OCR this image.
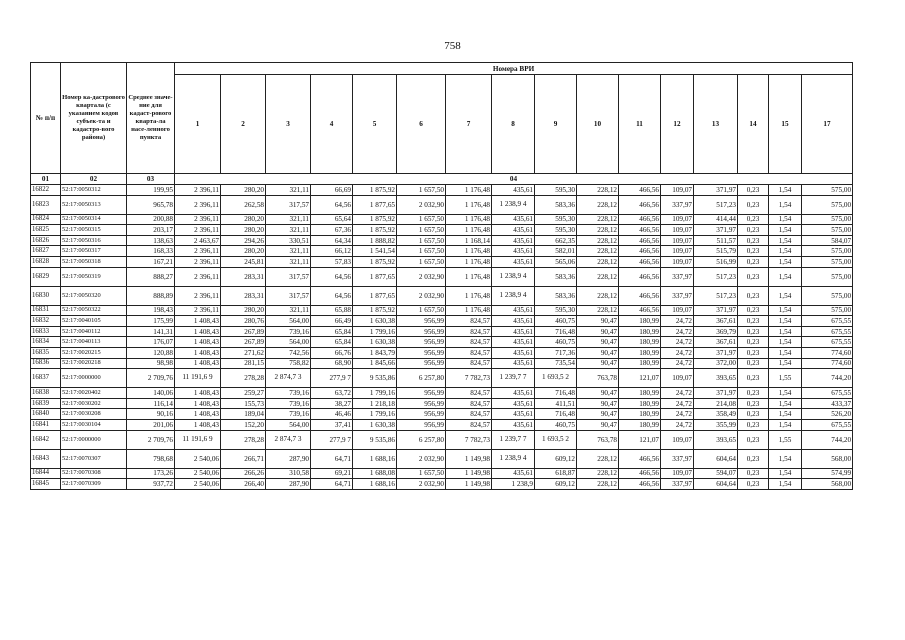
758
№ п/п	Номер ка-дастрового квартала (с указанием кодов субъек-та и кадастро-вого района)	Среднее значе-ние для кадаст-рового кварта-ла насе-ленного пункта	Номера ВРИ															
			1	2	3	4	5	6	7	8	9	10	11	12	13	14	15	17
01	02	03	04															
16822	52:17:0050312	199,95	2 396,11	280,20	321,11	66,69	1 875,92	1 657,50	1 176,48	435,61	595,30	228,12	466,56	109,07	371,97	0,23	1,54	575,00
16823	52:17:0050313	965,78	2 396,11	262,58	317,57	64,56	1 877,65	2 032,90	1 176,48	1 238,9 4	583,36	228,12	466,56	337,97	517,23	0,23	1,54	575,00
16824	52:17:0050314	200,88	2 396,11	280,20	321,11	65,64	1 875,92	1 657,50	1 176,48	435,61	595,30	228,12	466,56	109,07	414,44	0,23	1,54	575,00
16825	52:17:0050315	203,17	2 396,11	280,20	321,11	67,36	1 875,92	1 657,50	1 176,48	435,61	595,30	228,12	466,56	109,07	371,97	0,23	1,54	575,00
16826	52:17:0050316	138,63	2 463,67	294,26	330,51	64,34	1 888,82	1 657,50	1 168,14	435,61	662,35	228,12	466,56	109,07	511,57	0,23	1,54	584,07
16827	52:17:0050317	168,33	2 396,11	280,20	321,11	66,12	1 541,54	1 657,50	1 176,48	435,61	582,01	228,12	466,56	109,07	515,79	0,23	1,54	575,00
16828	52:17:0050318	167,21	2 396,11	245,81	321,11	57,83	1 875,92	1 657,50	1 176,48	435,61	565,06	228,12	466,56	109,07	516,99	0,23	1,54	575,00
16829	52:17:0050319	888,27	2 396,11	283,31	317,57	64,56	1 877,65	2 032,90	1 176,48	1 238,9 4	583,36	228,12	466,56	337,97	517,23	0,23	1,54	575,00
16830	52:17:0050320	888,89	2 396,11	283,31	317,57	64,56	1 877,65	2 032,90	1 176,48	1 238,9 4	583,36	228,12	466,56	337,97	517,23	0,23	1,54	575,00
16831	52:17:0050322	198,43	2 396,11	280,20	321,11	65,88	1 875,92	1 657,50	1 176,48	435,61	595,30	228,12	466,56	109,07	371,97	0,23	1,54	575,00
16832	52:17:0040105	175,99	1 408,43	280,76	564,00	66,49	1 630,38	956,99	824,57	435,61	460,75	90,47	180,99	24,72	367,61	0,23	1,54	675,55
16833	52:17:0040112	141,31	1 408,43	267,89	739,16	65,84	1 799,16	956,99	824,57	435,61	716,48	90,47	180,99	24,72	369,79	0,23	1,54	675,55
16834	52:17:0040113	176,07	1 408,43	267,89	564,00	65,84	1 630,38	956,99	824,57	435,61	460,75	90,47	180,99	24,72	367,61	0,23	1,54	675,55
16835	52:17:0020215	120,88	1 408,43	271,62	742,56	66,76	1 843,79	956,99	824,57	435,61	717,36	90,47	180,99	24,72	371,97	0,23	1,54	774,60
16836	52:17:0020218	98,98	1 408,43	281,15	758,82	68,90	1 845,66	956,99	824,57	435,61	735,54	90,47	180,99	24,72	372,00	0,23	1,54	774,60
16837	52:17:0000000	2 709,76	11 191,6 9	278,28	2 874,7 3	277,9 7	9 535,86	6 257,80	7 782,73	1 239,7 7	1 693,5 2	763,78	121,07	109,07	393,65	0,23	1,55	744,20
16838	52:17:0020402	140,06	1 408,43	259,27	739,16	63,72	1 799,16	956,99	824,57	435,61	716,48	90,47	180,99	24,72	371,97	0,23	1,54	675,55
16839	52:17:0030202	116,14	1 408,43	155,73	739,16	38,27	1 218,18	956,99	824,57	435,61	411,51	90,47	180,99	24,72	214,08	0,23	1,54	433,37
16840	52:17:0030208	90,16	1 408,43	189,04	739,16	46,46	1 799,16	956,99	824,57	435,61	716,48	90,47	180,99	24,72	358,49	0,23	1,54	526,20
16841	52:17:0030104	201,06	1 408,43	152,20	564,00	37,41	1 630,38	956,99	824,57	435,61	460,75	90,47	180,99	24,72	355,99	0,23	1,54	675,55
16842	52:17:0000000	2 709,76	11 191,6 9	278,28	2 874,7 3	277,9 7	9 535,86	6 257,80	7 782,73	1 239,7 7	1 693,5 2	763,78	121,07	109,07	393,65	0,23	1,55	744,20
16843	52:17:0070307	798,68	2 540,06	266,71	287,90	64,71	1 688,16	2 032,90	1 149,98	1 238,9 4	609,12	228,12	466,56	337,97	604,64	0,23	1,54	568,00
16844	52:17:0070308	173,26	2 540,06	266,26	310,58	69,21	1 688,08	1 657,50	1 149,98	435,61	618,87	228,12	466,56	109,07	594,07	0,23	1,54	574,99
16845	52:17:0070309	937,72	2 540,06	266,40	287,90	64,71	1 688,16	2 032,90	1 149,98	1 238,9	609,12	228,12	466,56	337,97	604,64	0,23	1,54	568,00
